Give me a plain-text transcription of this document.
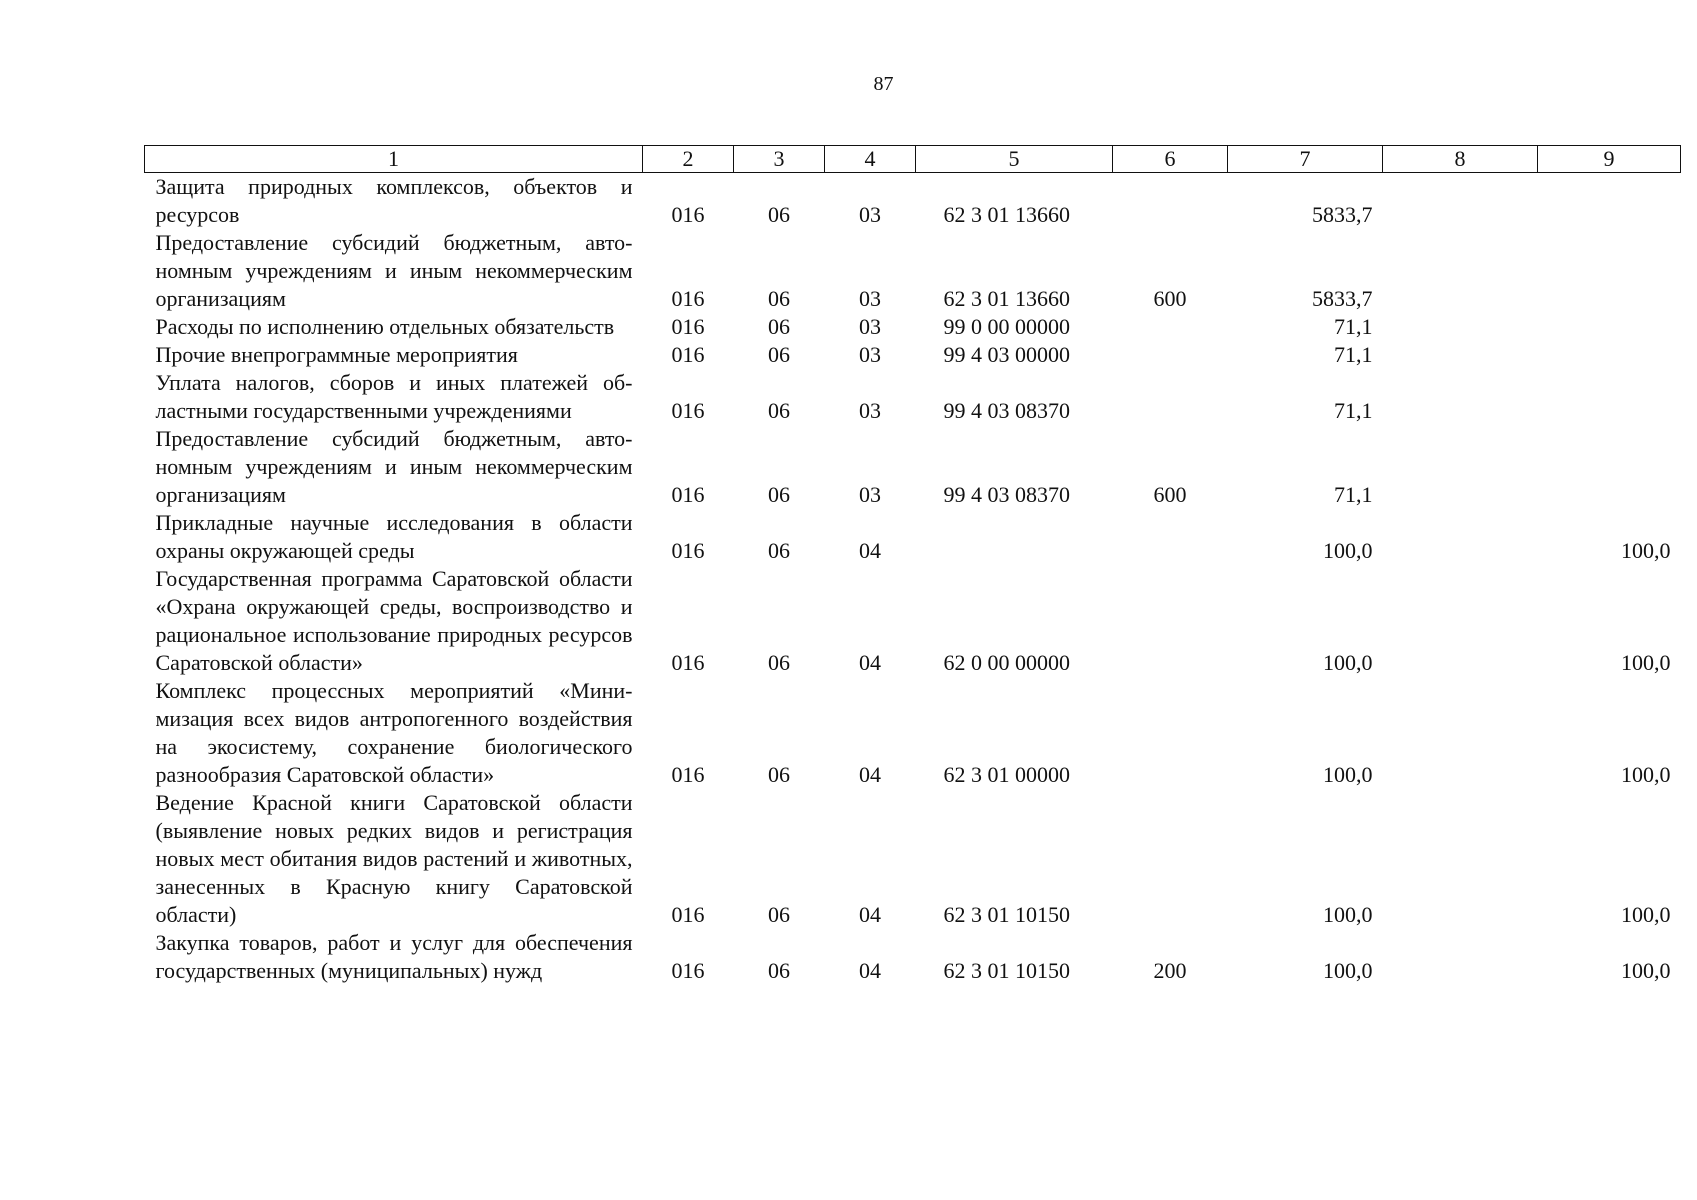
87
1	2	3	4	5	6	7	8	9
Защита природных комплексов, объектов и ресурсов	016	06	03	62 3 01 13660		5833,7		
Предоставление субсидий бюджетным, автономным учреждениям и иным некоммерческим организациям	016	06	03	62 3 01 13660	600	5833,7		
Расходы по исполнению отдельных обязательств	016	06	03	99 0 00 00000		71,1		
Прочие внепрограммные мероприятия	016	06	03	99 4 03 00000		71,1		
Уплата налогов, сборов и иных платежей областными государственными учреждениями	016	06	03	99 4 03 08370		71,1		
Предоставление субсидий бюджетным, автономным учреждениям и иным некоммерческим организациям	016	06	03	99 4 03 08370	600	71,1		
Прикладные научные исследования в области охраны окружающей среды	016	06	04			100,0		100,0
Государственная программа Саратовской области «Охрана окружающей среды, воспроизводство и рациональное использование природных ресурсов Саратовской области»	016	06	04	62 0 00 00000		100,0		100,0
Комплекс процессных мероприятий «Минимизация всех видов антропогенного воздействия на экосистему, сохранение биологического разнообразия Саратовской области»	016	06	04	62 3 01 00000		100,0		100,0
Ведение Красной книги Саратовской области (выявление новых редких видов и регистрация новых мест обитания видов растений и животных, занесенных в Красную книгу Саратовской области)	016	06	04	62 3 01 10150		100,0		100,0
Закупка товаров, работ и услуг для обеспечения государственных (муниципальных) нужд	016	06	04	62 3 01 10150	200	100,0		100,0
